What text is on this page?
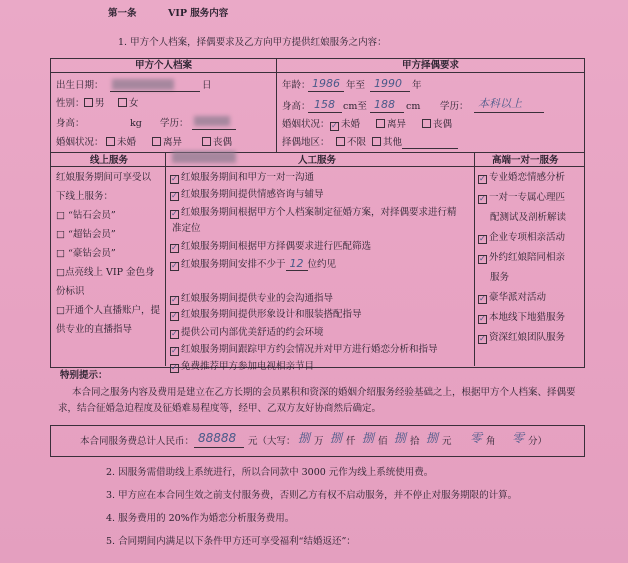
第一条	VIP 服务内容
1. 甲方个人档案，择偶要求及乙方向甲方提供红娘服务之内容：
甲方个人档案
出生日期：	日
性别：	男	女
身高：	kg 学历：
婚姻状况：	未婚	离异	丧偶
甲方择偶要求
年龄： 1986 年至 1990 年
身高： 158 cm至 188 cm 学历： 本科以上
婚姻状况：
✓	未婚	离异	丧偶
择偶地区：	不限	其他
线上服务	人工服务	高端一对一服务
红娘服务期间可享受以
下线上服务：
□ “钻石会员”
□ “超钻会员”
□ “豪钻会员”
□点亮线上 VIP 金色身
份标识
□开通个人直播账户，提
供专业的直播指导
✓红娘服务期间和甲方一对一沟通
✓红娘服务期间提供情感咨询与辅导
✓红娘服务期间根据甲方个人档案制定征婚方案，对择偶要求进行精
准定位
✓红娘服务期间根据甲方择偶要求进行匹配筛选
✓红娘服务期间安排不少于 12 位约见
✓红娘服务期间提供专业的会沟通指导
✓红娘服务期间提供形象设计和服装搭配指导
✓提供公司内部优美舒适的约会环境
✓红娘服务期间跟踪甲方约会情况并对甲方进行婚恋分析和指导
✓免费推荐甲方参加电视相亲节目
✓专业婚恋情感分析
✓一对一专属心理匹
配测试及剖析解读
✓企业专项相亲活动
✓外约红娘陪同相亲
服务
✓豪华派对活动
✓本地线下地猎服务
✓资深红娘团队服务
特别提示：
本合同之服务内容及费用是建立在乙方长期的会员累积和资深的婚姻介绍服务经验基础之上，根据甲方个人档案、择偶要
求，结合征婚急迫程度及征婚难易程度等，经甲、乙双方友好协商然后确定。
本合同服务费总计人民币： 88888 元（大写： 捌 万 捌 仟 捌 佰 捌 拾 捌 元 零 角 零 分）
2. 因服务需借助线上系统进行，所以合同款中 3000 元作为线上系统使用费。
3. 甲方应在本合同生效之前支付服务费，否则乙方有权不启动服务，并不停止对服务期限的计算。
4. 服务费用的 20%作为婚恋分析服务费用。
5. 合同期间内满足以下条件甲方还可享受福利“结婚返还”：
